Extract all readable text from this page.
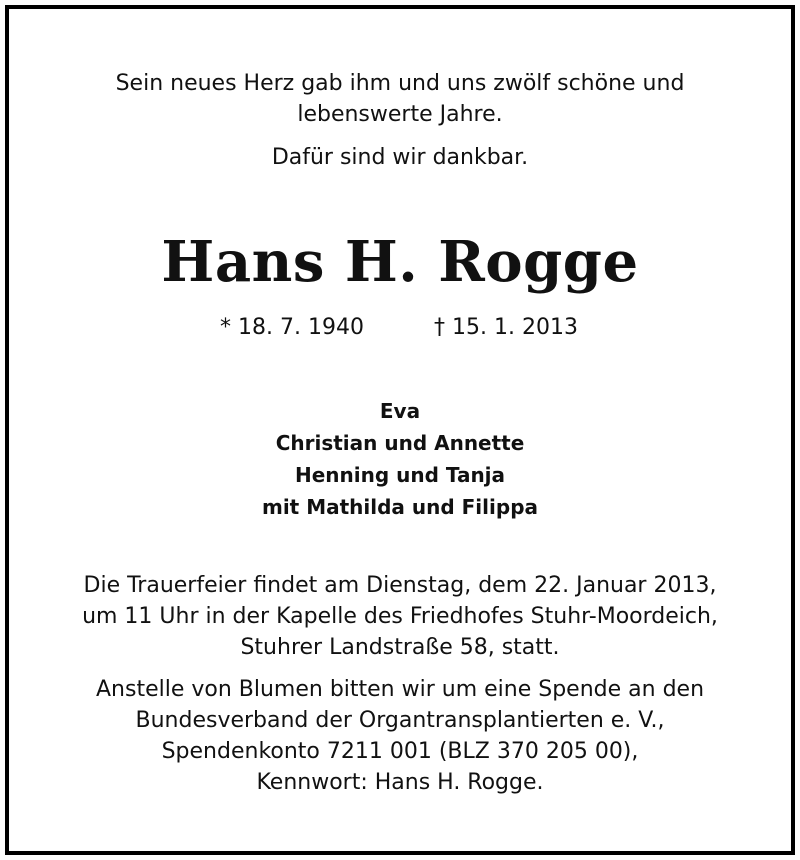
Sein neues Herz gab ihm und uns zwölf schöne und
lebenswerte Jahre.
Dafür sind wir dankbar.
Hans H. Rogge
* 18. 7. 1940	† 15. 1. 2013
Eva
Christian und Annette
Henning und Tanja
mit Mathilda und Filippa
Die Trauerfeier findet am Dienstag, dem 22. Januar 2013,
um 11 Uhr in der Kapelle des Friedhofes Stuhr-Moordeich,
Stuhrer Landstraße 58, statt.
Anstelle von Blumen bitten wir um eine Spende an den
Bundesverband der Organtransplantierten e. V.,
Spendenkonto 7211 001 (BLZ 370 205 00),
Kennwort: Hans H. Rogge.
